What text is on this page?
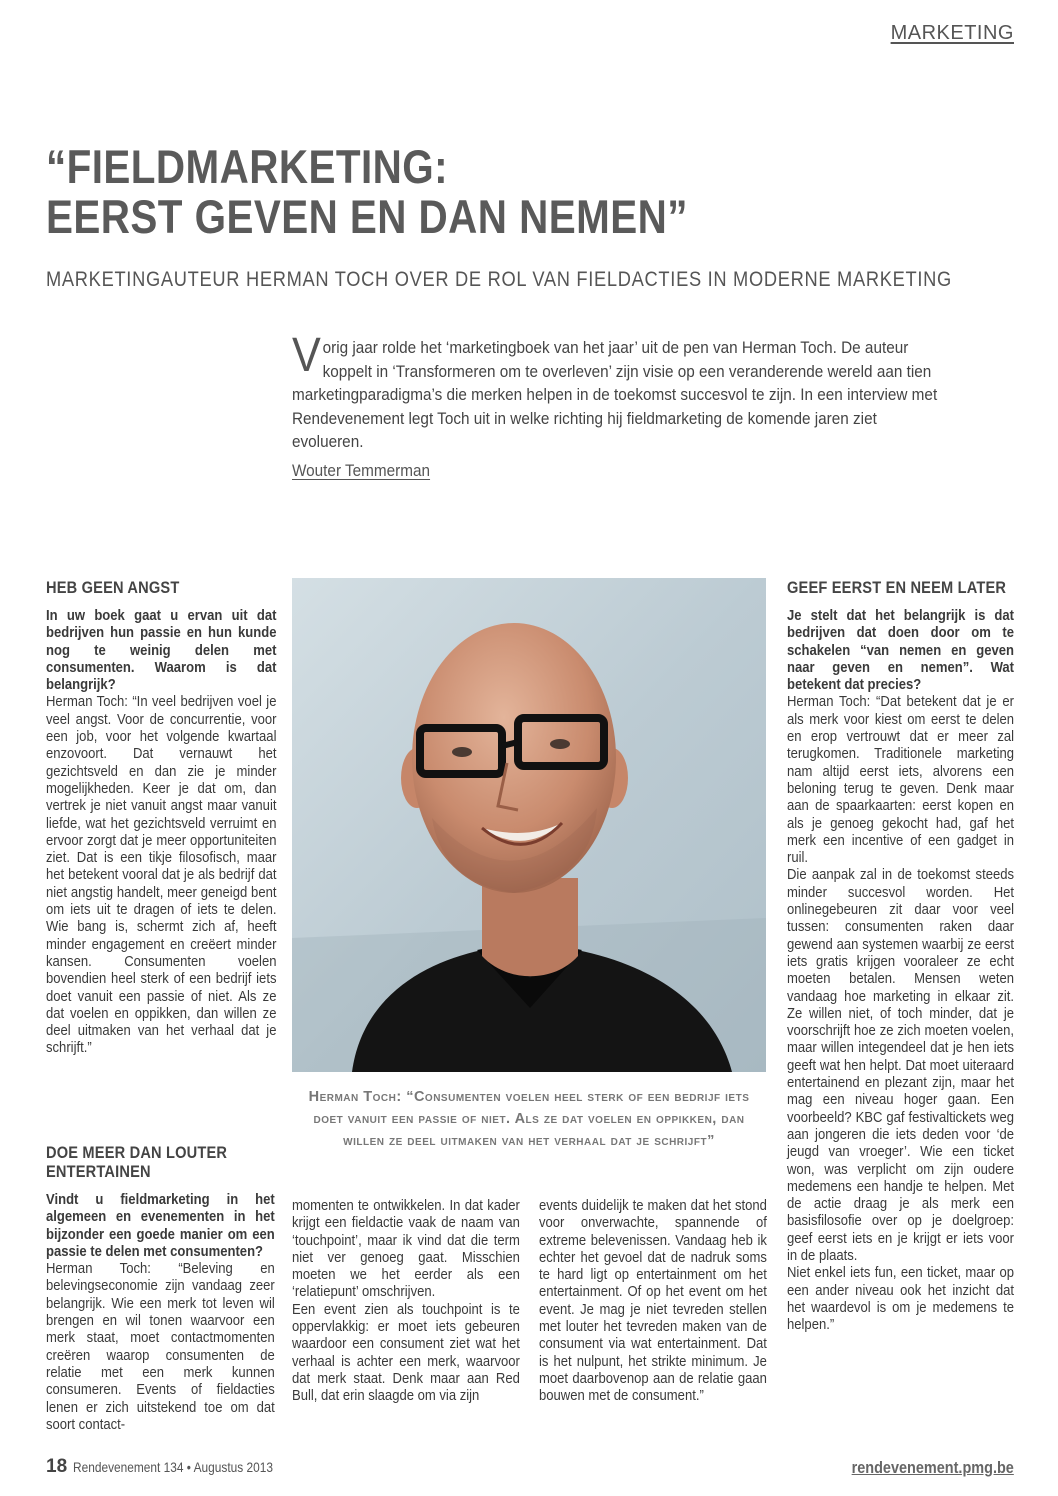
MARKETING
“FIELDMARKETING:
EERST GEVEN EN DAN NEMEN”
MARKETINGAUTEUR HERMAN TOCH OVER DE ROL VAN FIELDACTIES IN MODERNE MARKETING
Vorig jaar rolde het ‘marketingboek van het jaar’ uit de pen van Herman Toch. De auteur koppelt in ‘Transformeren om te overleven’ zijn visie op een veranderende wereld aan tien marketingparadigma’s die merken helpen in de toekomst succesvol te zijn. In een interview met Rendevenement legt Toch uit in welke richting hij fieldmarketing de komende jaren ziet evolueren.
Wouter Temmerman
HEB GEEN ANGST

In uw boek gaat u ervan uit dat bedrijven hun passie en hun kunde nog te weinig delen met consumenten. Waarom is dat belangrijk?

Herman Toch: “In veel bedrijven voel je veel angst. Voor de concurrentie, voor een job, voor het volgende kwartaal enzovoort. Dat vernauwt het gezichtsveld en dan zie je minder mogelijkheden. Keer je dat om, dan vertrek je niet vanuit angst maar vanuit liefde, wat het gezichtsveld verruimt en ervoor zorgt dat je meer opportuniteiten ziet. Dat is een tikje filosofisch, maar het betekent vooral dat je als bedrijf dat niet angstig handelt, meer geneigd bent om iets uit te dragen of iets te delen. Wie bang is, schermt zich af, heeft minder engagement en creëert minder kansen. Consumenten voelen bovendien heel sterk of een bedrijf iets doet vanuit een passie of niet. Als ze dat voelen en oppikken, dan willen ze deel uitmaken van het verhaal dat je schrijft.”

DOE MEER DAN LOUTER ENTERTAINEN

Vindt u fieldmarketing in het algemeen en evenementen in het bijzonder een goede manier om een passie te delen met consumenten?

Herman Toch: “Beleving en belevingseconomie zijn vandaag zeer belangrijk. Wie een merk tot leven wil brengen en wil tonen waarvoor een merk staat, moet contactmomenten creëren waarop consumenten de relatie met een merk kunnen consumeren. Events of fieldacties lenen er zich uitstekend toe om dat soort contact-

Herman Toch: “Consumenten voelen heel sterk of een bedrijf iets doet vanuit een passie of niet. Als ze dat voelen en oppikken, dan willen ze deel uitmaken van het verhaal dat je schrijft”

momenten te ontwikkelen. In dat kader krijgt een fieldactie vaak de naam van ‘touchpoint’, maar ik vind dat die term niet ver genoeg gaat. Misschien moeten we het eerder als een ‘relatiepunt’ omschrijven.

Een event zien als touchpoint is te oppervlakkig: er moet iets gebeuren waardoor een consument ziet wat het verhaal is achter een merk, waarvoor dat merk staat. Denk maar aan Red Bull, dat erin slaagde om via zijn

events duidelijk te maken dat het stond voor onverwachte, spannende of extreme belevenissen. Vandaag heb ik echter het gevoel dat de nadruk soms te hard ligt op entertainment om het entertainment. Of op het event om het event. Je mag je niet tevreden stellen met louter het tevreden maken van de consument via wat entertainment. Dat is het nulpunt, het strikte minimum. Je moet daarbovenop aan de relatie gaan bouwen met de consument.”

GEEF EERST EN NEEM LATER

Je stelt dat het belangrijk is dat bedrijven dat doen door om te schakelen “van nemen en geven naar geven en nemen”. Wat betekent dat precies?

Herman Toch: “Dat betekent dat je er als merk voor kiest om eerst te delen en erop vertrouwt dat er meer zal terugkomen. Traditionele marketing nam altijd eerst iets, alvorens een beloning terug te geven. Denk maar aan de spaarkaarten: eerst kopen en als je genoeg gekocht had, gaf het merk een incentive of een gadget in ruil.

Die aanpak zal in de toekomst steeds minder succesvol worden. Het onlinegebeuren zit daar voor veel tussen: consumenten raken daar gewend aan systemen waarbij ze eerst iets gratis krijgen vooraleer ze echt moeten betalen. Mensen weten vandaag hoe marketing in elkaar zit. Ze willen niet, of toch minder, dat je voorschrijft hoe ze zich moeten voelen, maar willen integendeel dat je hen iets geeft wat hen helpt. Dat moet uiteraard entertainend en plezant zijn, maar het mag een niveau hoger gaan. Een voorbeeld? KBC gaf festivaltickets weg aan jongeren die iets deden voor ‘de jeugd van vroeger’. Wie een ticket won, was verplicht om zijn oudere medemens een handje te helpen. Met de actie draag je als merk een basisfilosofie over op je doelgroep: geef eerst iets en je krijgt er iets voor in de plaats.

Niet enkel iets fun, een ticket, maar op een ander niveau ook het inzicht dat het waardevol is om je medemens te helpen.”

18 Rendevenement 134 • Augustus 2013	rendevenement.pmg.be
